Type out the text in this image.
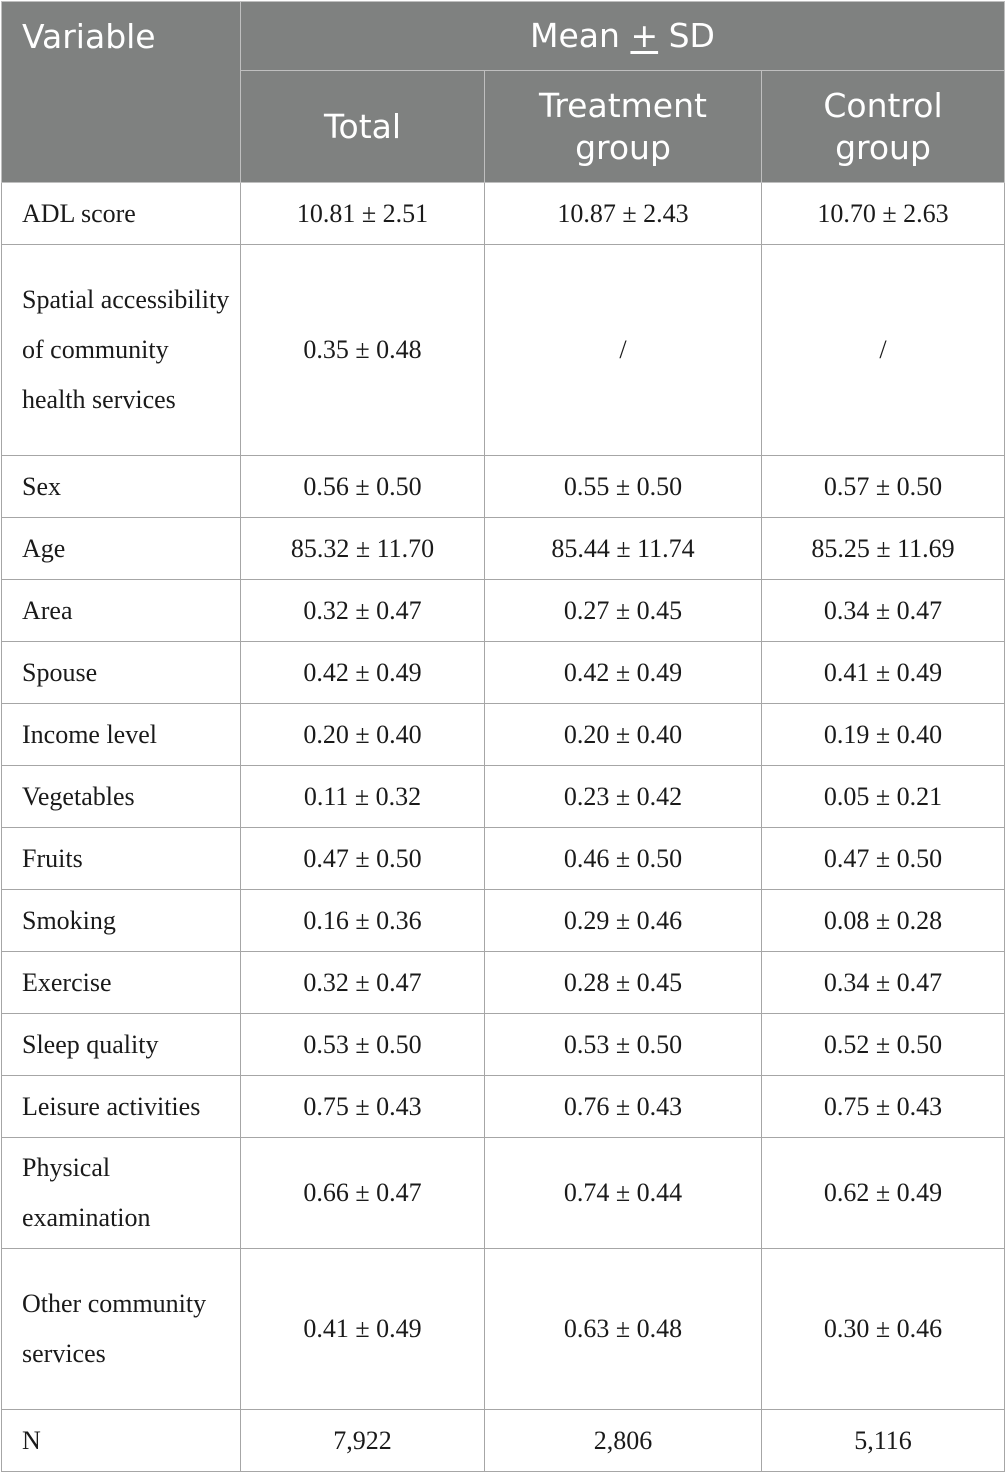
Variable	Mean + SD		
	Total	Treatment group	Control group
ADL score	10.81 ± 2.51	10.87 ± 2.43	10.70 ± 2.63
Spatial accessibility of community health services	0.35 ± 0.48	/	/
Sex	0.56 ± 0.50	0.55 ± 0.50	0.57 ± 0.50
Age	85.32 ± 11.70	85.44 ± 11.74	85.25 ± 11.69
Area	0.32 ± 0.47	0.27 ± 0.45	0.34 ± 0.47
Spouse	0.42 ± 0.49	0.42 ± 0.49	0.41 ± 0.49
Income level	0.20 ± 0.40	0.20 ± 0.40	0.19 ± 0.40
Vegetables	0.11 ± 0.32	0.23 ± 0.42	0.05 ± 0.21
Fruits	0.47 ± 0.50	0.46 ± 0.50	0.47 ± 0.50
Smoking	0.16 ± 0.36	0.29 ± 0.46	0.08 ± 0.28
Exercise	0.32 ± 0.47	0.28 ± 0.45	0.34 ± 0.47
Sleep quality	0.53 ± 0.50	0.53 ± 0.50	0.52 ± 0.50
Leisure activities	0.75 ± 0.43	0.76 ± 0.43	0.75 ± 0.43
Physical examination	0.66 ± 0.47	0.74 ± 0.44	0.62 ± 0.49
Other community services	0.41 ± 0.49	0.63 ± 0.48	0.30 ± 0.46
N	7,922	2,806	5,116
